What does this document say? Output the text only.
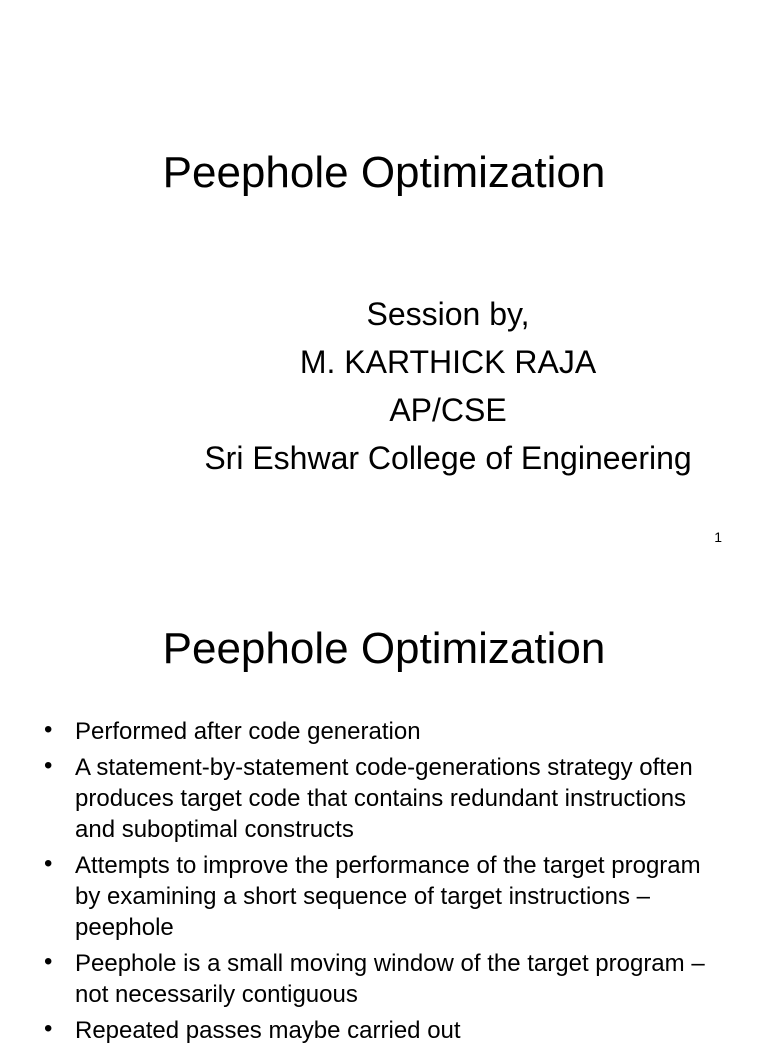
Peephole Optimization
Session by,
M. KARTHICK RAJA
AP/CSE
Sri Eshwar College of Engineering
1
Peephole Optimization
• Performed after code generation
• A statement-by-statement code-generations strategy often produces target code that contains redundant instructions and suboptimal constructs
• Attempts to improve the performance of the target program by examining a short sequence of target instructions – peephole
• Peephole is a small moving window of the target program – not necessarily contiguous
• Repeated passes maybe carried out
